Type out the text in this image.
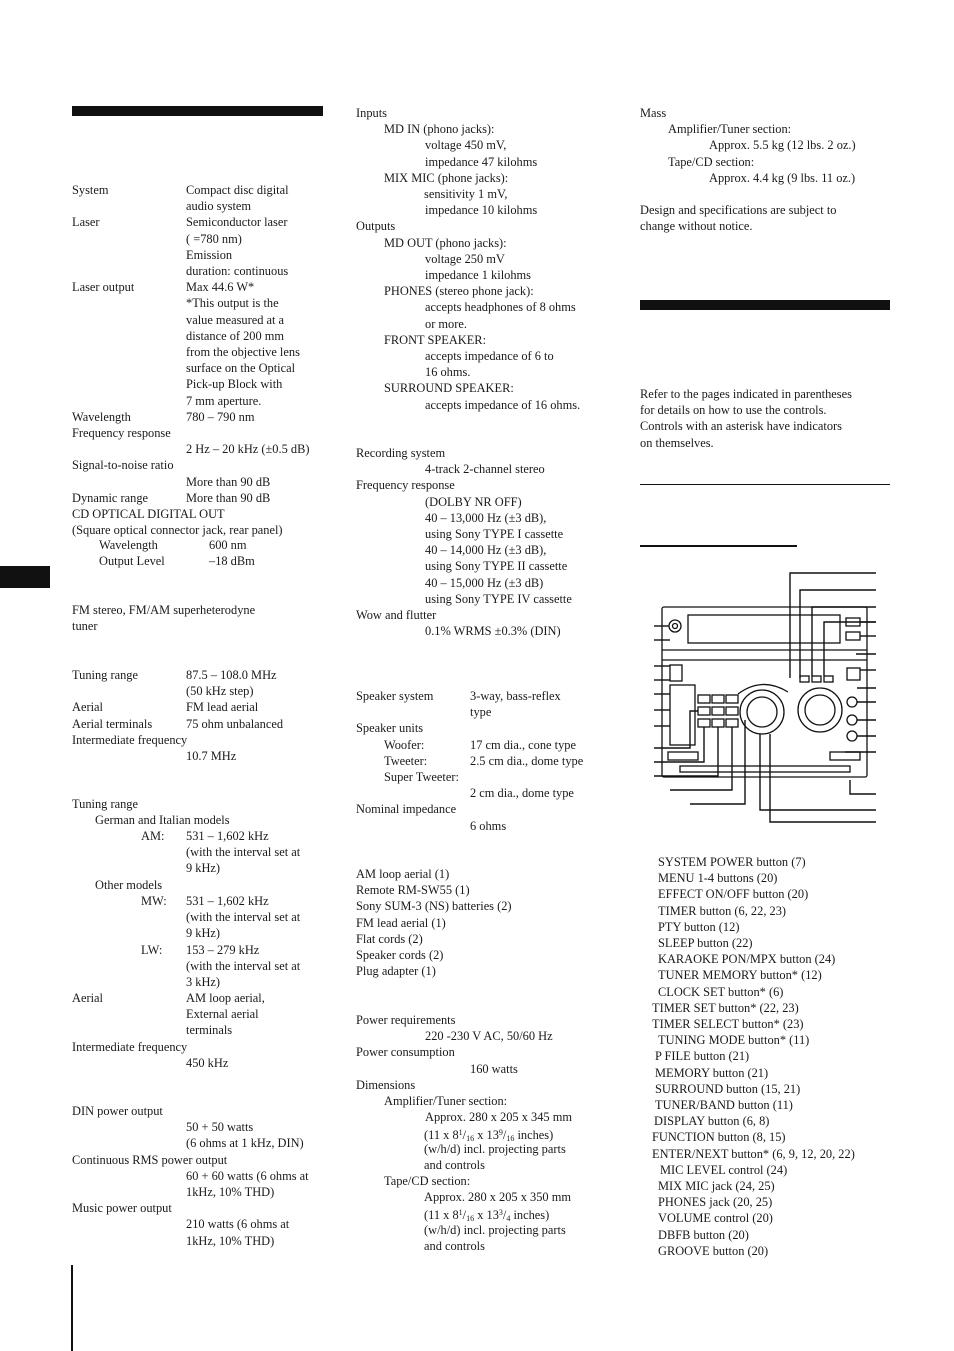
System	Compact disc digital
audio system
Laser	Semiconductor laser
( =780 nm)
Emission
duration: continuous
Laser output	Max 44.6 W*
*This output is the
value measured at a
distance of 200 mm
from the objective lens
surface on the Optical
Pick-up Block with
7 mm aperture.
Wavelength	780 – 790 nm
Frequency response
2 Hz – 20 kHz (±0.5 dB)
Signal-to-noise ratio
More than 90 dB
Dynamic range	More than 90 dB
CD OPTICAL DIGITAL OUT
(Square optical connector jack, rear panel)
Wavelength	600 nm
Output Level	–18 dBm
FM stereo, FM/AM superheterodyne
tuner
Tuning range	87.5 – 108.0 MHz
(50 kHz step)
Aerial	FM lead aerial
Aerial terminals	75 ohm unbalanced
Intermediate frequency
10.7 MHz
Tuning range
German and Italian models
AM: 531 – 1,602 kHz
(with the interval set at
9 kHz)
Other models
MW: 531 – 1,602 kHz
(with the interval set at
9 kHz)
LW: 153 – 279 kHz
(with the interval set at
3 kHz)
Aerial	AM loop aerial,
External aerial
terminals
Intermediate frequency
450 kHz
DIN power output
50 + 50 watts
(6 ohms at 1 kHz, DIN)
Continuous RMS power output
60 + 60 watts (6 ohms at
1kHz, 10% THD)
Music power output
210 watts (6 ohms at
1kHz, 10% THD)
Inputs
MD IN (phono jacks):
voltage 450 mV,
impedance 47 kilohms
MIX MIC (phone jacks):
sensitivity 1 mV,
impedance 10 kilohms
Outputs
MD OUT (phono jacks):
voltage 250 mV
impedance 1 kilohms
PHONES (stereo phone jack):
accepts headphones of 8 ohms
or more.
FRONT SPEAKER:
accepts impedance of 6 to
16 ohms.
SURROUND SPEAKER:
accepts impedance of 16 ohms.
Recording system
4-track 2-channel stereo
Frequency response
(DOLBY NR OFF)
40 – 13,000 Hz (±3 dB),
using Sony TYPE I cassette
40 – 14,000 Hz (±3 dB),
using Sony TYPE II cassette
40 – 15,000 Hz (±3 dB)
using Sony TYPE IV cassette
Wow and flutter
0.1% WRMS ±0.3% (DIN)
Speaker system	3-way, bass-reflex
type
Speaker units
Woofer:	17 cm dia., cone type
Tweeter:	2.5 cm dia., dome type
Super Tweeter:
2 cm dia., dome type
Nominal impedance
6 ohms
AM loop aerial (1)
Remote RM-SW55 (1)
Sony SUM-3 (NS) batteries (2)
FM lead aerial (1)
Flat cords (2)
Speaker cords (2)
Plug adapter (1)
Power requirements
220 -230 V AC, 50/60 Hz
Power consumption
160 watts
Dimensions
Amplifier/Tuner section:
Approx. 280 x 205 x 345 mm
(11 x $8^1/_{16}$ x $13^9/_{16}$ inches)
(w/h/d) incl. projecting parts
and controls
Tape/CD section:
Approx. 280 x 205 x 350 mm
(11 x $8^1/_{16}$ x $13^3/_4$ inches)
(w/h/d) incl. projecting parts
and controls
Mass
Amplifier/Tuner section:
Approx. 5.5 kg (12 lbs. 2 oz.)
Tape/CD section:
Approx. 4.4 kg (9 lbs. 11 oz.)
Design and specifications are subject to
change without notice.
Refer to the pages indicated in parentheses
for details on how to use the controls.
Controls with an asterisk have indicators
on themselves.
SYSTEM POWER button (7)
MENU 1-4 buttons (20)
EFFECT ON/OFF button (20)
TIMER button (6, 22, 23)
PTY button (12)
SLEEP button (22)
KARAOKE PON/MPX button (24)
TUNER MEMORY button* (12)
CLOCK SET button* (6)
TIMER SET button* (22, 23)
TIMER SELECT button* (23)
TUNING MODE button* (11)
P FILE button (21)
MEMORY button (21)
SURROUND button (15, 21)
TUNER/BAND button (11)
DISPLAY button (6, 8)
FUNCTION button (8, 15)
ENTER/NEXT button* (6, 9, 12, 20, 22)
MIC LEVEL control (24)
MIX MIC jack (24, 25)
PHONES jack (20, 25)
VOLUME control (20)
DBFB button (20)
GROOVE button (20)
